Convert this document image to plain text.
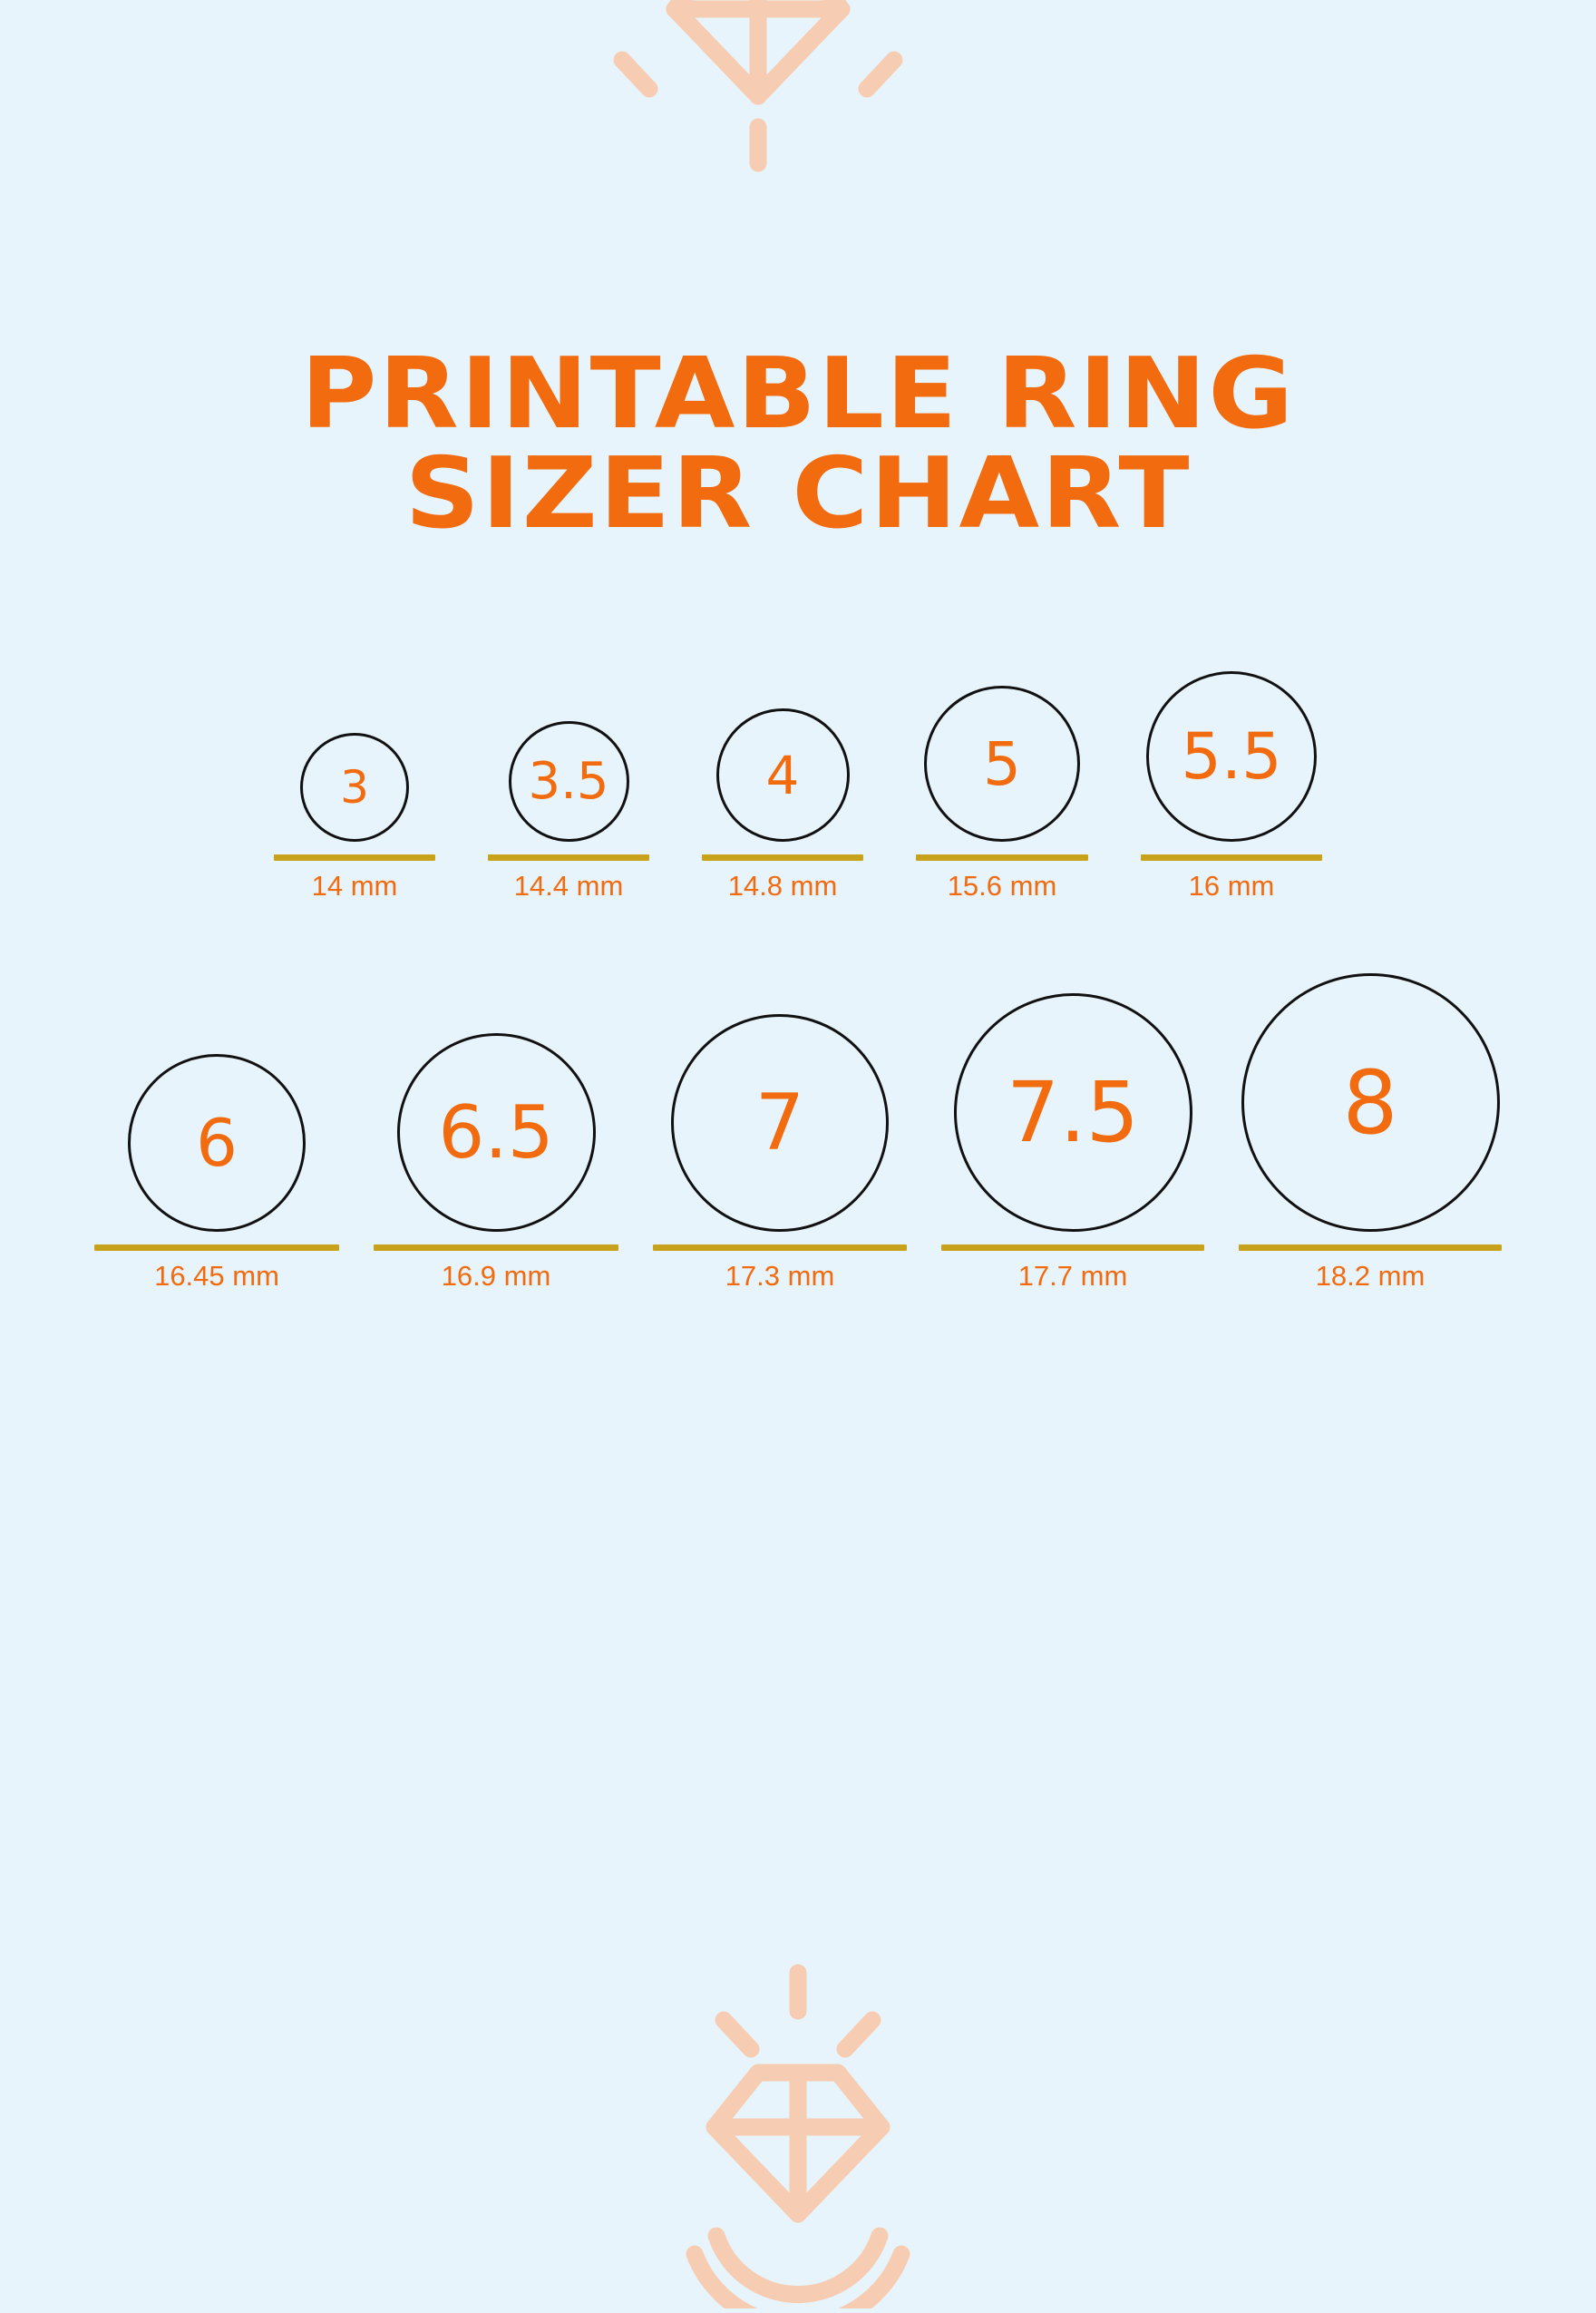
PRINTABLE RING
SIZER CHART
3
14 mm
3.5
14.4 mm
4
14.8 mm
5
15.6 mm
5.5
16 mm
6
16.45 mm
6.5
16.9 mm
7
17.3 mm
7.5
17.7 mm
8
18.2 mm
